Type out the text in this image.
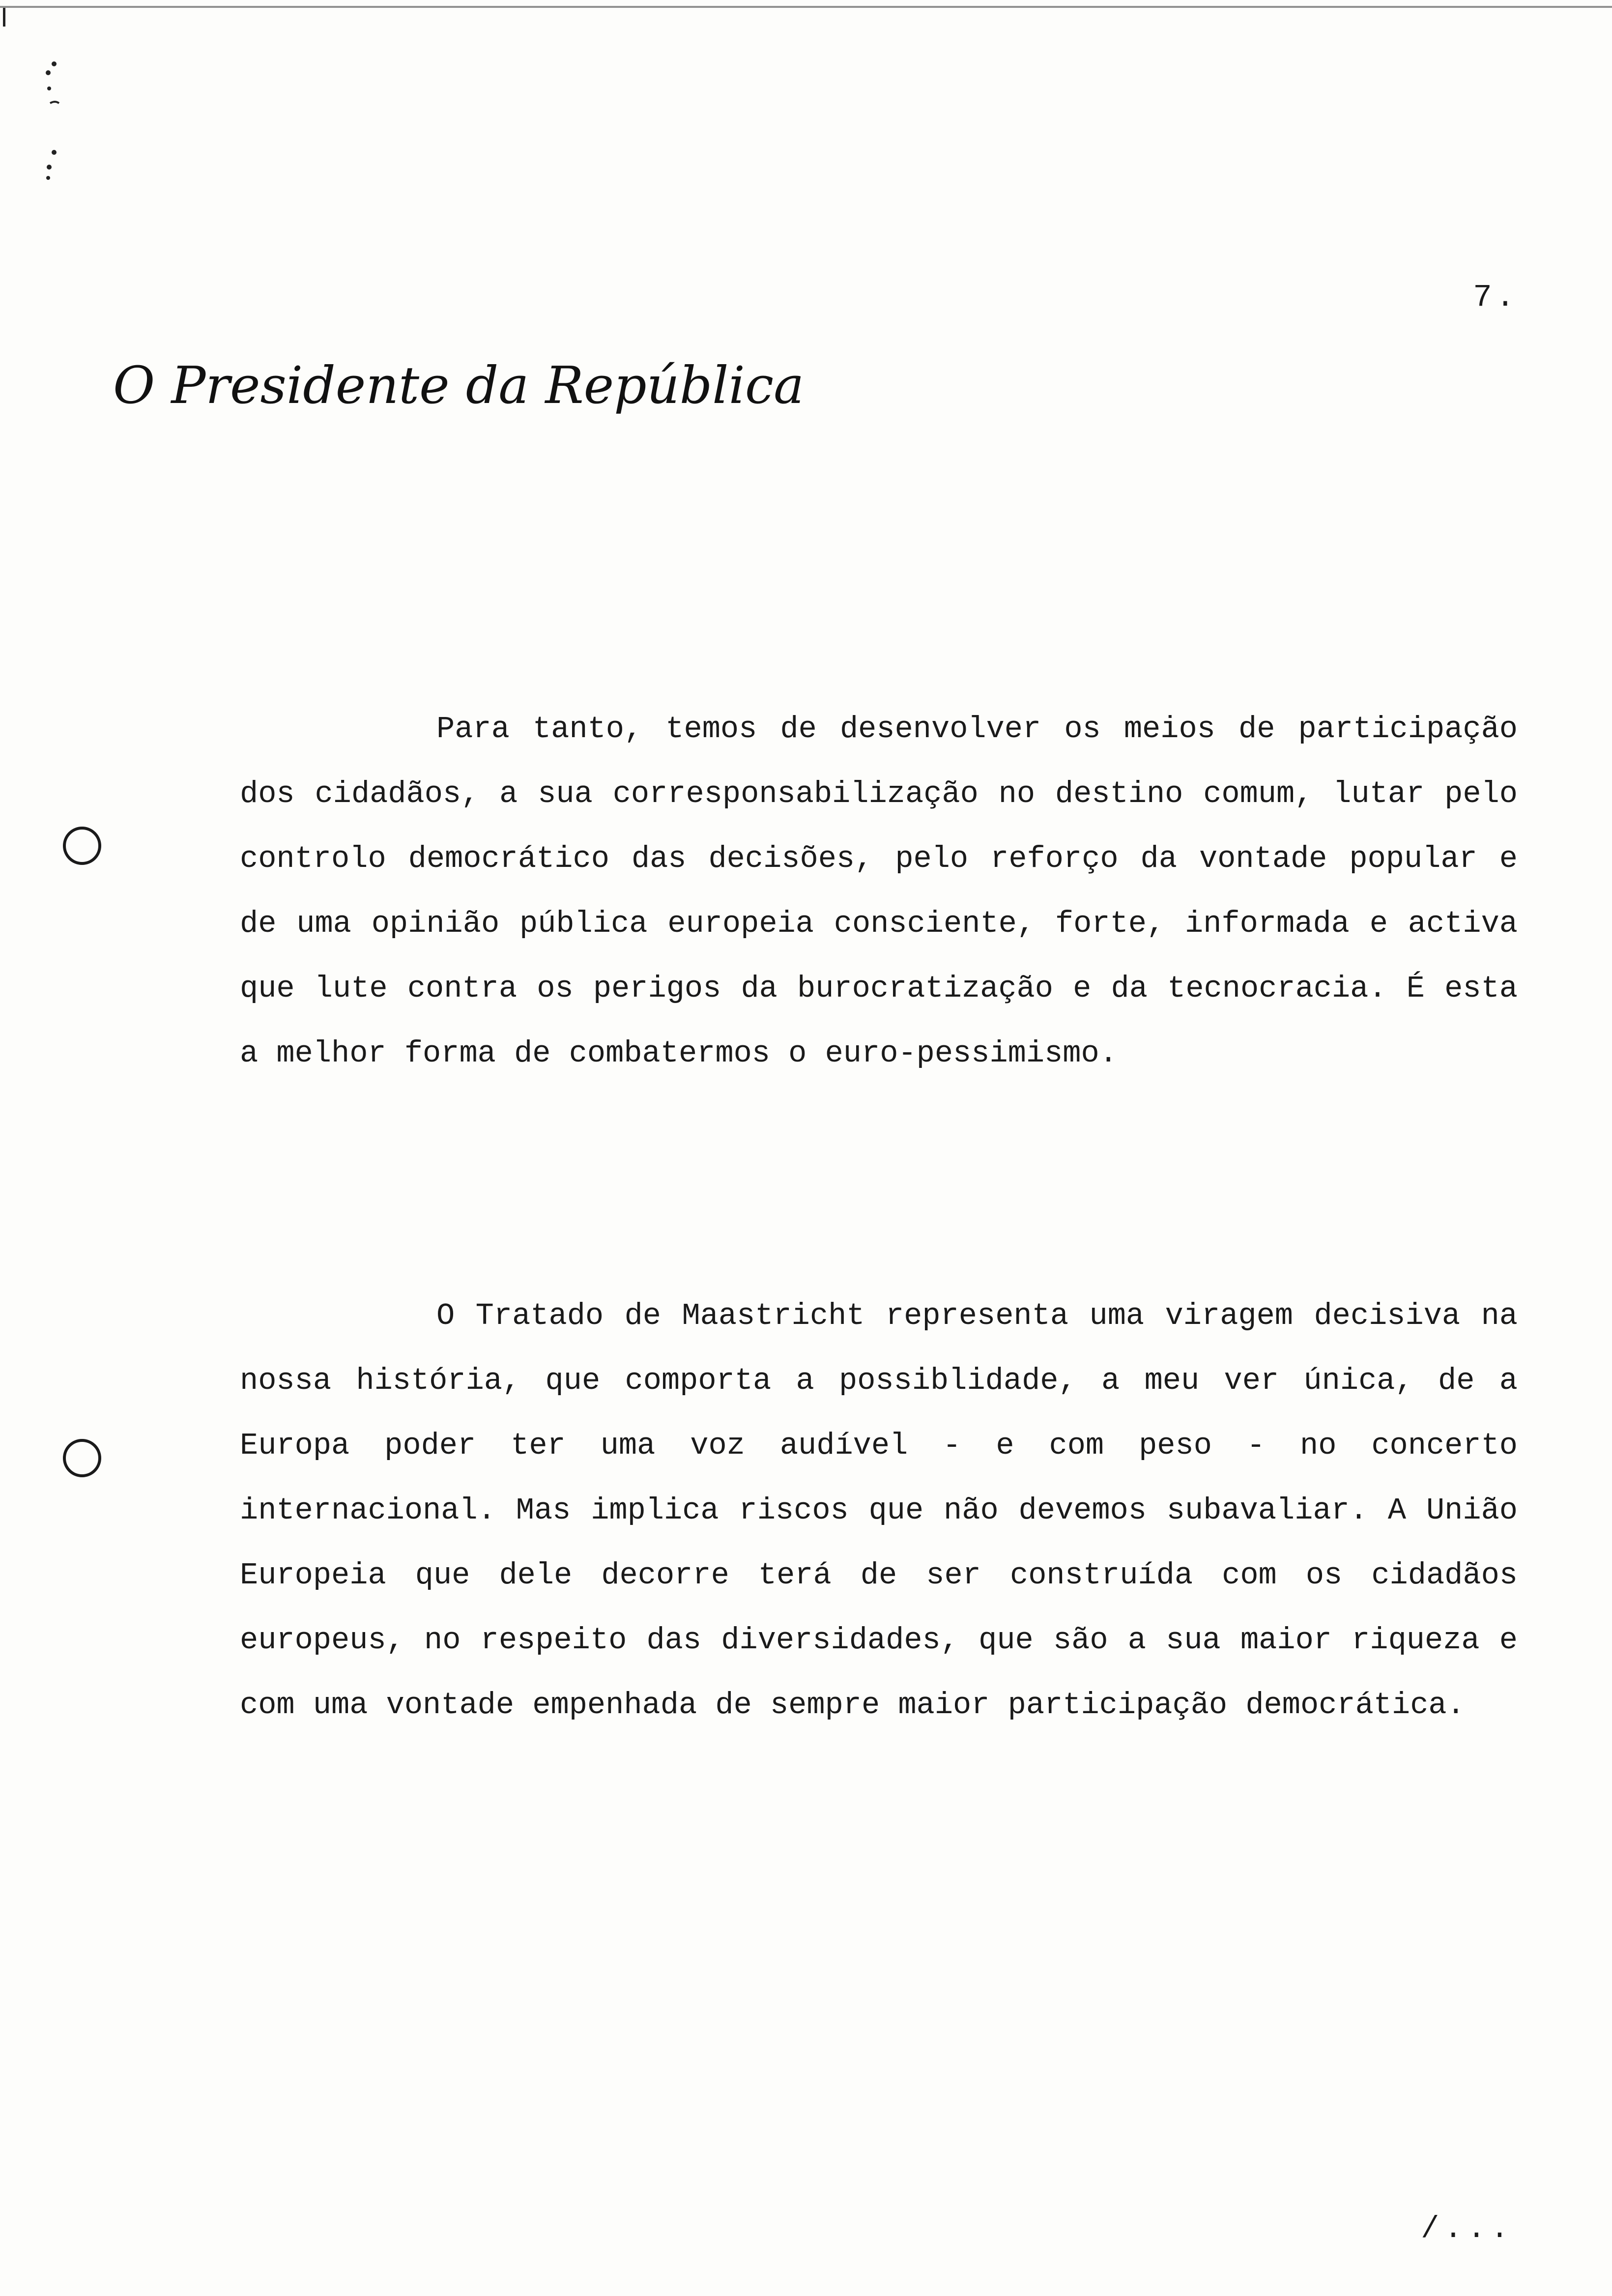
7.
O Presidente da República

Para tanto, temos de desenvolver os meios de participação dos cidadãos, a sua corresponsabilização no destino comum, lutar pelo controlo democrático das decisões, pelo reforço da vontade popular e de uma opinião pública europeia consciente, forte, informada e activa que lute contra os perigos da burocratização e da tecnocracia. É esta a melhor forma de combatermos o euro-pessimismo.

O Tratado de Maastricht representa uma viragem decisiva na nossa história, que comporta a possiblidade, a meu ver única, de a Europa poder ter uma voz audível - e com peso - no concerto internacional. Mas implica riscos que não devemos subavaliar. A União Europeia que dele decorre terá de ser construída com os cidadãos europeus, no respeito das diversidades, que são a sua maior riqueza e com uma vontade empenhada de sempre maior participação democrática.

/...
